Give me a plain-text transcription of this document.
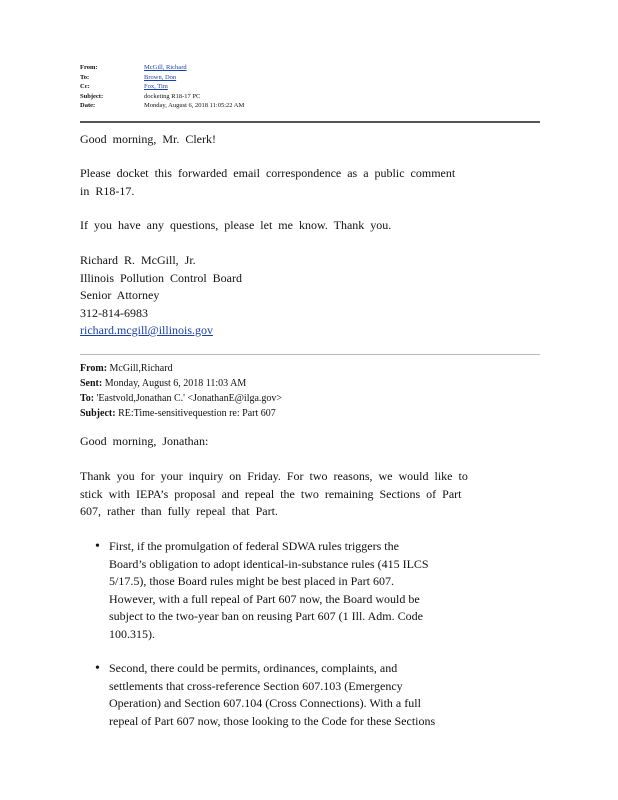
From:	McGill, Richard
To:	Brown, Don
Cc:	Fox, Tim
Subject:	docketing R18-17 PC
Date:	Monday, August 6, 2018 11:05:22 AM
Good morning, Mr. Clerk!
Please docket this forwarded email correspondence as a public comment
in R18-17.
If you have any questions, please let me know. Thank you.
Richard R. McGill, Jr.
Illinois Pollution Control Board
Senior Attorney
312-814-6983
richard.mcgill@illinois.gov
From: McGill,Richard
Sent: Monday, August 6, 2018 11:03 AM
To: 'Eastvold,Jonathan C.' <JonathanE@ilga.gov>
Subject: RE:Time-sensitivequestion re: Part 607
Good morning, Jonathan:
Thank you for your inquiry on Friday. For two reasons, we would like to
stick with IEPA’s proposal and repeal the two remaining Sections of Part
607, rather than fully repeal that Part.
• First, if the promulgation of federal SDWA rules triggers the
Board’s obligation to adopt identical-in-substance rules (415 ILCS
5/17.5), those Board rules might be best placed in Part 607.
However, with a full repeal of Part 607 now, the Board would be
subject to the two-year ban on reusing Part 607 (1 Ill. Adm. Code
100.315).
• Second, there could be permits, ordinances, complaints, and
settlements that cross-reference Section 607.103 (Emergency
Operation) and Section 607.104 (Cross Connections). With a full
repeal of Part 607 now, those looking to the Code for these Sections
